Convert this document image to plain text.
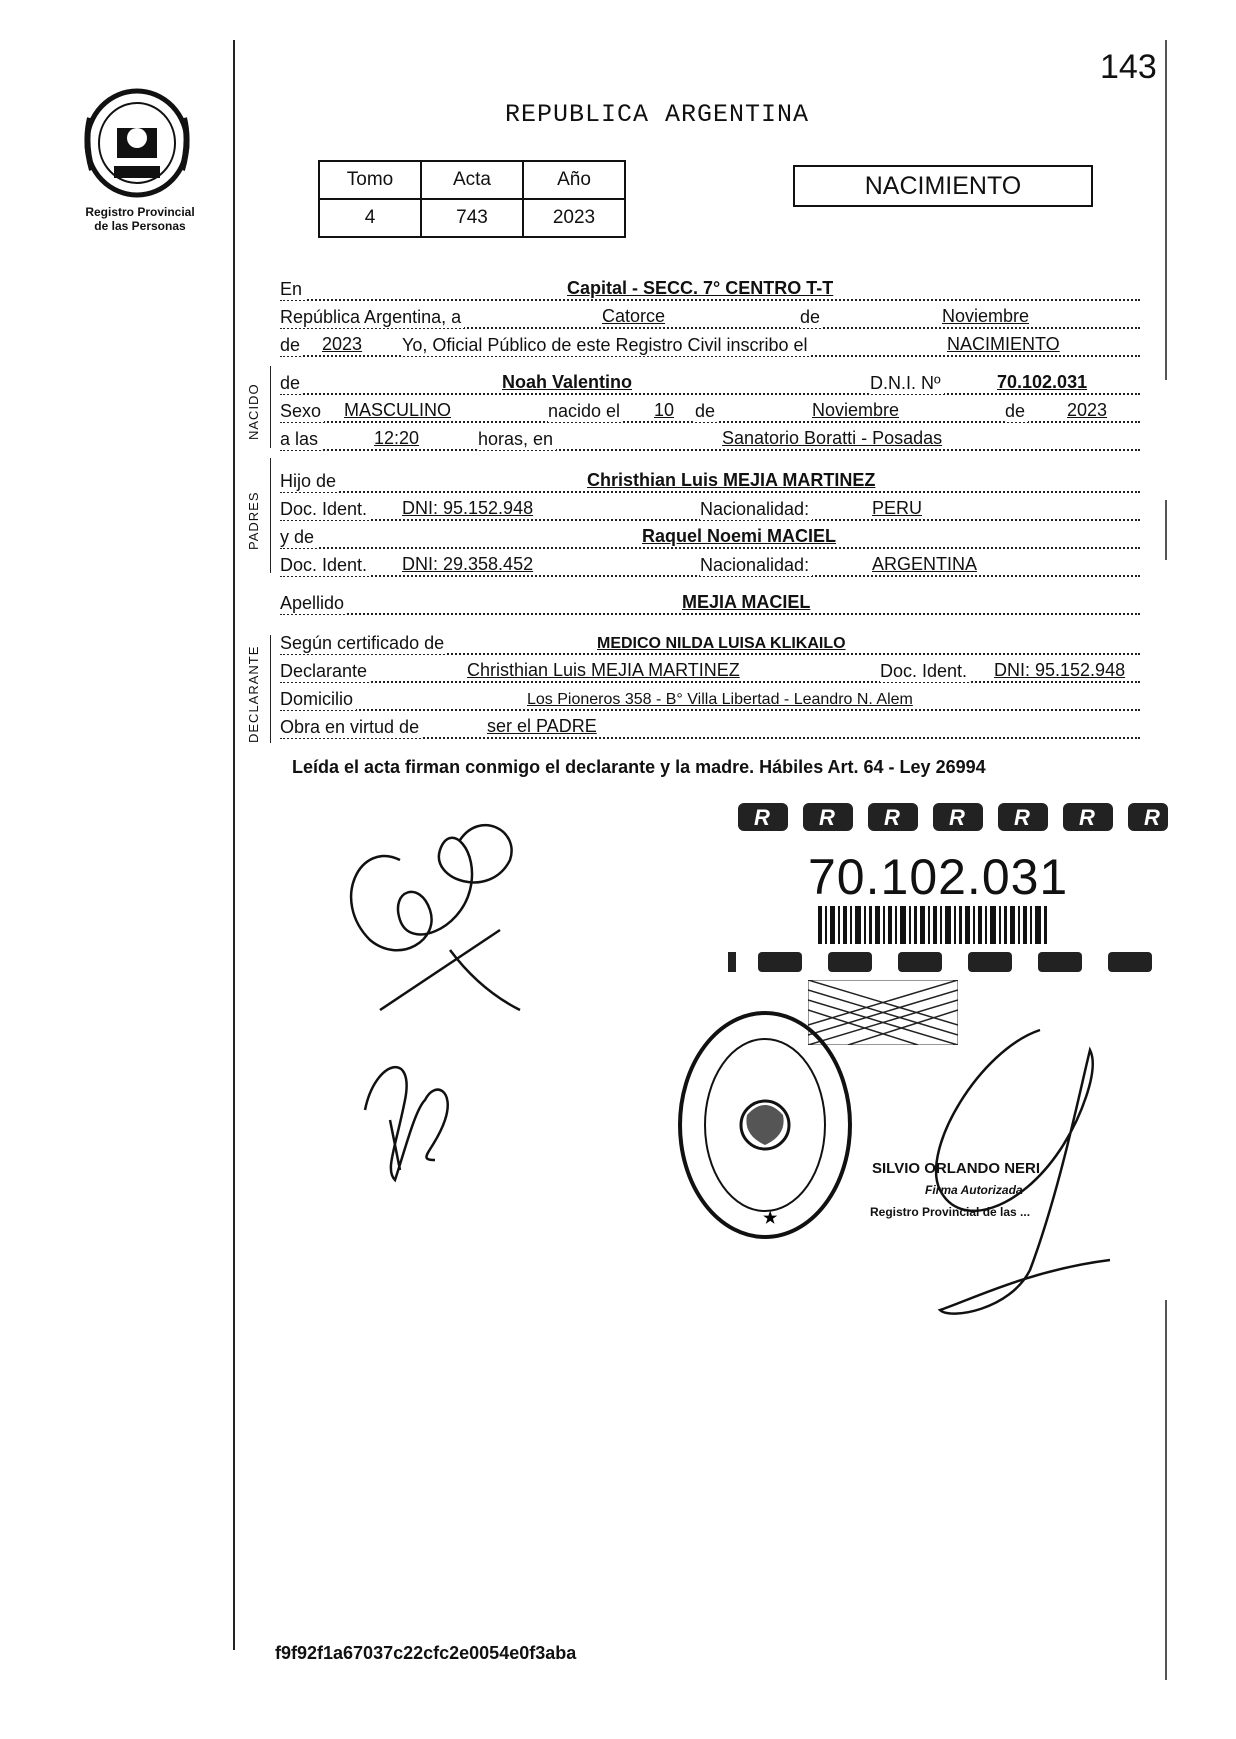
Registro Provincial
de las Personas
143
REPUBLICA ARGENTINA
Tomo	Acta	Año
4	743	2023
NACIMIENTO
NACIDO
PADRES
DECLARANTE
En	Capital - SECC. 7° CENTRO T-T
República Argentina, a	Catorce	de	Noviembre
de 2023 Yo, Oficial Público de este Registro Civil inscribo el	NACIMIENTO
de	Noah Valentino	D.N.I. Nº	70.102.031
Sexo MASCULINO	nacido el 10 de	Noviembre	de 2023
a las	12:20	horas, en	Sanatorio Boratti - Posadas
Hijo de	Christhian Luis MEJIA MARTINEZ
Doc. Ident. DNI: 95.152.948	Nacionalidad:	PERU
y de	Raquel Noemi MACIEL
Doc. Ident. DNI: 29.358.452	Nacionalidad:	ARGENTINA
Apellido	MEJIA MACIEL
Según certificado de	MEDICO NILDA LUISA KLIKAILO
Declarante	Christhian Luis MEJIA MARTINEZ	Doc. Ident. DNI: 95.152.948
Domicilio	Los Pioneros 358 - B° Villa Libertad - Leandro N. Alem
Obra en virtud de	ser el PADRE
Leída el acta firman conmigo el declarante y la madre. Hábiles Art. 64 - Ley 26994
R R R R R R R
70.102.031
★
SILVIO ORLANDO NERI
Firma Autorizada
Registro Provincial de las ...
f9f92f1a67037c22cfc2e0054e0f3aba
